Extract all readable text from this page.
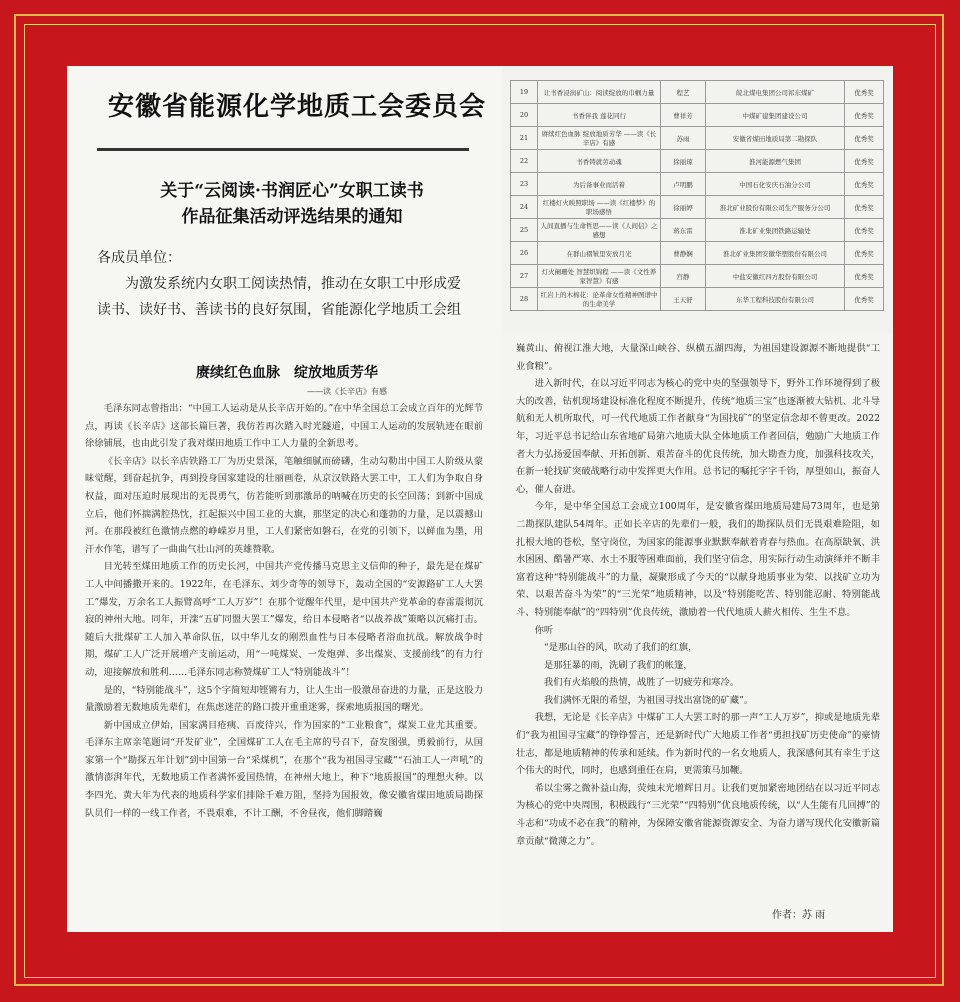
安徽省能源化学地质工会委员会
关于“云阅读·书润匠心”女职工读书
作品征集活动评选结果的通知
各成员单位：
为激发系统内女职工阅读热情，推动在女职工中形成爱
读书、读好书、善读书的良好氛围，省能源化学地质工会组
19	让书香浸润矿山：阅读绽放的巾帼力量	程艺	皖北煤电集团公司祁东煤矿	优秀奖
20	书香伴我 莲花同行	曹祥芳	中煤矿建集团建设公司	优秀奖
21	赓续红色血脉 绽放地质芳华 ——读《长辛店》有感	苏雨	安徽省煤田地质局第二勘探队	优秀奖
22	书香铸就劳动魂	徐丽琼	淮河能源燃气集团	优秀奖
23	为后备事业而活着	卢明鹏	中国石化安庆石油分公司	优秀奖
24	红楼灯火映照职场 ——读《红楼梦》的职场感悟	徐丽婷	淮北矿业股份有限公司生产服务分公司	优秀奖
25	人间直播与生命哲思——读《人间信》之感想	蒋东雷	淮北矿业集团铁路运输处	优秀奖
26	在群山褶皱里安放月光	曹静娴	淮北矿业集团安徽华塑股份有限公司	优秀奖
27	灯火阑珊处 智慧织锦程 ——读《文性养家智慧》有感	宫静	中盐安徽红四方股份有限公司	优秀奖
28	红岩上的木棉花：论革命女性精神图谱中的生命美学	王天舒	东华工程科技股份有限公司	优秀奖
赓续红色血脉　绽放地质芳华
——读《长辛店》有感

毛泽东同志曾指出：“中国工人运动是从长辛店开始的。”在中华全国总工会成立百年的光辉节点，再读《长辛店》这部长篇巨著，我仿若再次踏入时光隧道，中国工人运动的发展轨迹在眼前徐徐铺展，也由此引发了我对煤田地质工作中工人力量的全新思考。

《长辛店》以长辛店铁路工厂为历史景深，笔触细腻而磅礴，生动勾勒出中国工人阶级从蒙昧觉醒，到奋起抗争，再到投身国家建设的壮丽画卷，从京汉铁路大罢工中，工人们为争取自身权益，面对压迫时展现出的无畏勇气，仿若能听到那激昂的呐喊在历史的长空回荡；到新中国成立后，他们怀揣满腔热忱，扛起振兴中国工业的大旗，那坚定的决心和蓬勃的力量，足以震撼山河。在那段被红色激情点燃的峥嵘岁月里，工人们紧密如磐石，在党的引领下，以鲜血为墨，用汗水作笔，谱写了一曲曲气壮山河的英雄赞歌。

目光转至煤田地质工作的历史长河，中国共产党传播马克思主义信仰的种子，最先是在煤矿工人中间播撒开来的。1922年，在毛泽东、刘少奇等的领导下，轰动全国的“安源路矿工人大罢工”爆发，万余名工人振臂高呼“工人万岁”！在那个觉醒年代里，是中国共产党革命的春雷震彻沉寂的神州大地。同年，开滦“五矿同盟大罢工”爆发，给日本侵略者“以战养战”策略以沉痛打击。随后大批煤矿工人加入革命队伍，以中华儿女的刚烈血性与日本侵略者浴血抗战。解放战争时期，煤矿工人广泛开展增产支前运动，用“一吨煤炭、一发炮弹、多出煤炭、支援前线”的有力行动，迎接解放和胜利……毛泽东同志称赞煤矿工人“特别能战斗”！

是的，“特别能战斗”，这5个字简短却铿锵有力，让人生出一股激昂奋进的力量，正是这股力量激励着无数地质先辈们，在焦虑迷茫的路口拨开重重迷雾，探索地质报国的曙光。

新中国成立伊始，国家满目疮痍、百废待兴，作为国家的“工业粮食”，煤炭工业尤其重要。毛泽东主席亲笔题词“开发矿业”，全国煤矿工人在毛主席的号召下，奋发图强，勇毅前行，从国家第一个“勘探五年计划”到中国第一台“采煤机”，在那个“我为祖国寻宝藏”“石油工人一声吼”的激情澎湃年代，无数地质工作者满怀爱国热情，在神州大地上，种下“地质报国”的理想火种。以李四光、黄大年为代表的地质科学家们排除千难万阻，坚持为国报效，像安徽省煤田地质局勘探队员们一样的一线工作者，不畏艰难，不计工酬，不舍昼夜，他们脚踏巍

巍黄山、俯视江淮大地，大量深山峡谷、纵横五湖四海，为祖国建设源源不断地提供“工业食粮”。

进入新时代，在以习近平同志为核心的党中央的坚强领导下，野外工作环境得到了极大的改善，钻机现场建设标准化程度不断提升，传统“地质三宝”也逐渐被大钻机、北斗导航和无人机所取代，可一代代地质工作者献身“为国找矿”的坚定信念却不曾更改。2022年，习近平总书记给山东省地矿局第六地质大队全体地质工作者回信，勉励广大地质工作者大力弘扬爱国奉献、开拓创新、艰苦奋斗的优良传统，加大勘查力度，加强科技攻关，在新一轮找矿突破战略行动中发挥更大作用。总书记的嘱托字字千钧，厚望如山，振奋人心，催人奋进。

今年，是中华全国总工会成立100周年，是安徽省煤田地质局建局73周年，也是第二勘探队建队54周年。正如长辛店的先辈们一般，我们的勘探队员们无畏艰难险阻，如扎根大地的苍松，坚守岗位，为国家的能源事业默默奉献着青春与热血。在高原缺氧、洪水困困、酷暑严寒、水土不服等困难面前，我们坚守信念，用实际行动生动演绎并不断丰富着这种“特别能战斗”的力量，凝聚形成了今天的“以献身地质事业为荣、以找矿立功为荣、以艰苦奋斗为荣”的“三光荣”地质精神，以及“特别能吃苦、特别能忍耐、特别能战斗、特别能奉献”的“四特别”优良传统，激励着一代代地质人薪火相传、生生不息。

你听

“是那山谷的风，吹动了我们的红旗，

是那狂暴的雨，洗刷了我们的帐篷，

我们有火焰般的热情，战胜了一切疲劳和寒冷。

我们满怀无限的希望，为祖国寻找出富饶的矿藏”。

我想，无论是《长辛店》中煤矿工人大罢工时的那一声“工人万岁”，抑或是地质先辈们“我为祖国寻宝藏”的铮铮誓言，还是新时代广大地质工作者“勇担找矿历史使命”的豪情壮志，都是地质精神的传承和延续。作为新时代的一名女地质人，我深感何其有幸生于这个伟大的时代，同时，也感到重任在肩，更需策马加鞭。

希以尘雾之微补益山海，荧烛末光增辉日月。让我们更加紧密地团结在以习近平同志为核心的党中央周围，积极践行“三光荣”“四特别”优良地质传统，以“人生能有几回搏”的斗志和“功成不必在我”的精神，为保障安徽省能源资源安全、为奋力谱写现代化安徽新篇章贡献“微薄之力”。

作者：苏 雨
